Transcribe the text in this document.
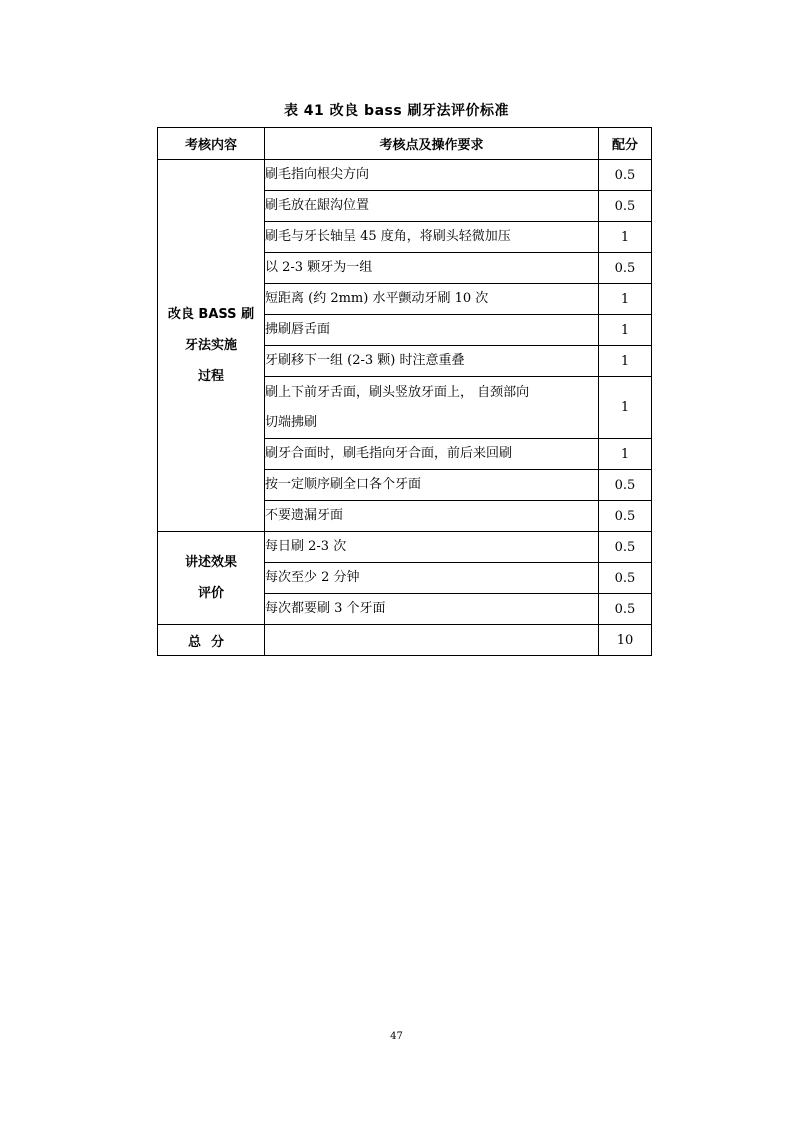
表 41 改良 bass 刷牙法评价标准
考核内容	考核点及操作要求	配分

改良 BASS 刷
牙法实施
过程	刷毛指向根尖方向	0.5
	刷毛放在龈沟位置	0.5
	刷毛与牙长轴呈 45 度角，将刷头轻微加压	1
	以 2-3 颗牙为一组	0.5
	短距离 (约 2mm) 水平颤动牙刷 10 次	1
	拂刷唇舌面	1
	牙刷移下一组 (2-3 颗) 时注意重叠	1

	刷上下前牙舌面，刷头竖放牙面上， 自颈部向
切端拂刷	1
	刷牙合面时，刷毛指向牙合面，前后来回刷	1
	按一定顺序刷全口各个牙面	0.5
	不要遗漏牙面	0.5

讲述效果
评价	每日刷 2-3 次	0.5
	每次至少 2 分钟	0.5
	每次都要刷 3 个牙面	0.5
总分		10
47
